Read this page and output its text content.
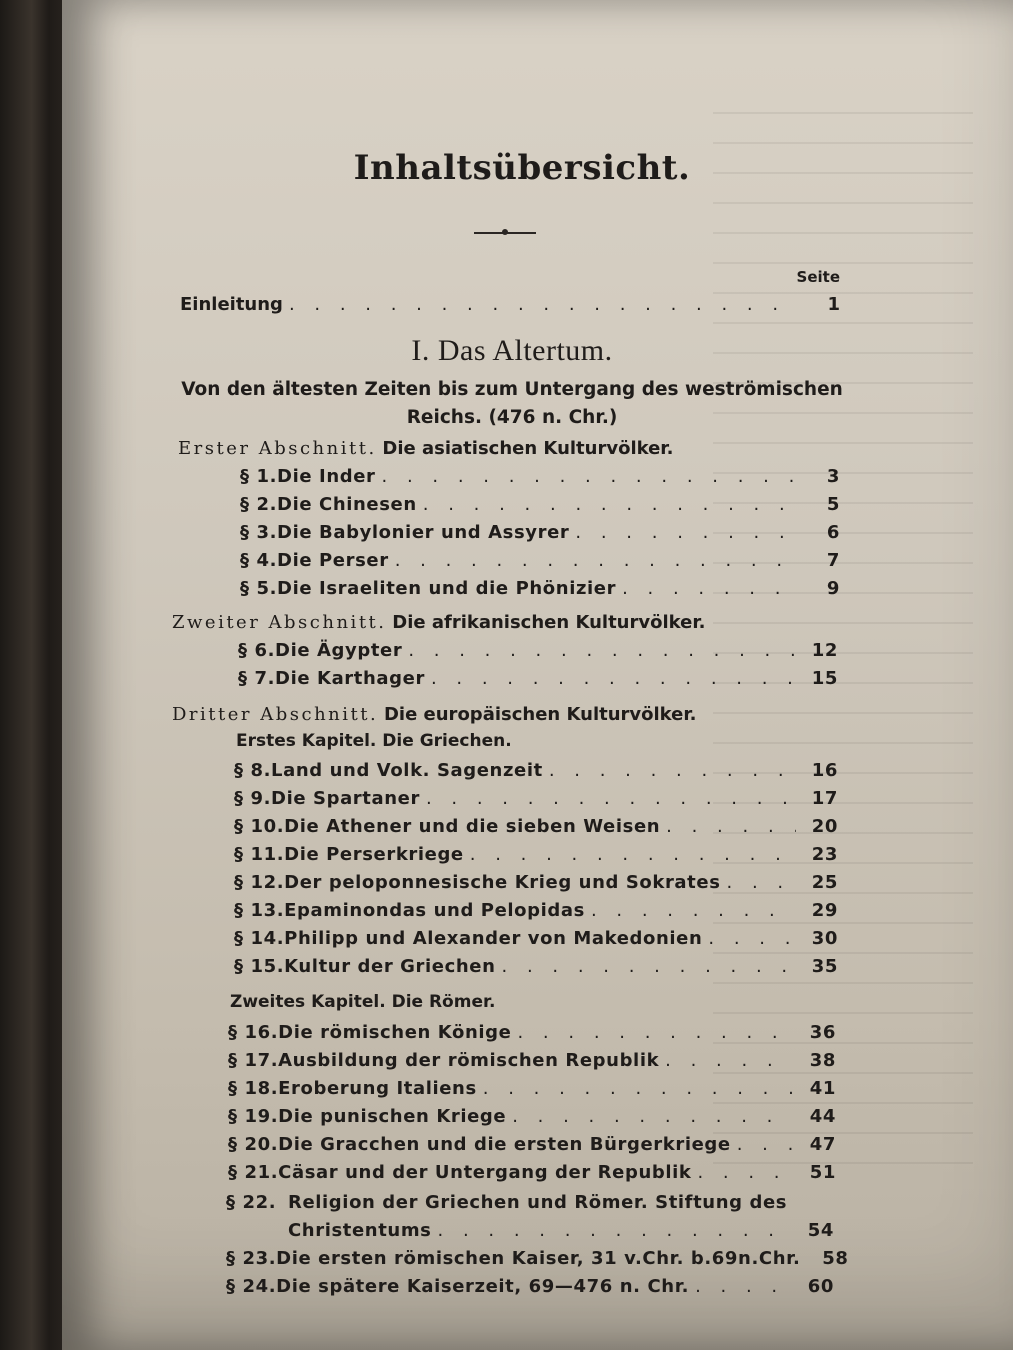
Inhaltsübersicht.
Seite
Einleitung . . .	1
I. Das Altertum.
Von den ältesten Zeiten bis zum Untergang des weströmischen
Reichs. (476 n. Chr.)
Erster Abschnitt. Die asiatischen Kulturvölker.
§ 1. Die Inder . . .	3
§ 2. Die Chinesen . . .	5
§ 3. Die Babylonier und Assyrer . . .	6
§ 4. Die Perser . . .	7
§ 5. Die Israeliten und die Phönizier . . .	9
Zweiter Abschnitt. Die afrikanischen Kulturvölker.
§ 6. Die Ägypter . . .	12
§ 7. Die Karthager . . .	15
Dritter Abschnitt. Die europäischen Kulturvölker.
Erstes Kapitel. Die Griechen.
§ 8. Land und Volk. Sagenzeit . . .	16
§ 9. Die Spartaner . . .	17
§ 10. Die Athener und die sieben Weisen . . .	20
§ 11. Die Perserkriege . . .	23
§ 12. Der peloponnesische Krieg und Sokrates . . .	25
§ 13. Epaminondas und Pelopidas . . .	29
§ 14. Philipp und Alexander von Makedonien . . .	30
§ 15. Kultur der Griechen . . .	35
Zweites Kapitel. Die Römer.
§ 16. Die römischen Könige . . .	36
§ 17. Ausbildung der römischen Republik . . .	38
§ 18. Eroberung Italiens . . .	41
§ 19. Die punischen Kriege . . .	44
§ 20. Die Gracchen und die ersten Bürgerkriege . . .	47
§ 21. Cäsar und der Untergang der Republik . . .	51
§ 22. Religion der Griechen und Römer. Stiftung des
Christentums . . .	54
§ 23. Die ersten römischen Kaiser, 31 v.Chr. b.69n.Chr.	58
§ 24. Die spätere Kaiserzeit, 69—476 n. Chr. . . .	60
